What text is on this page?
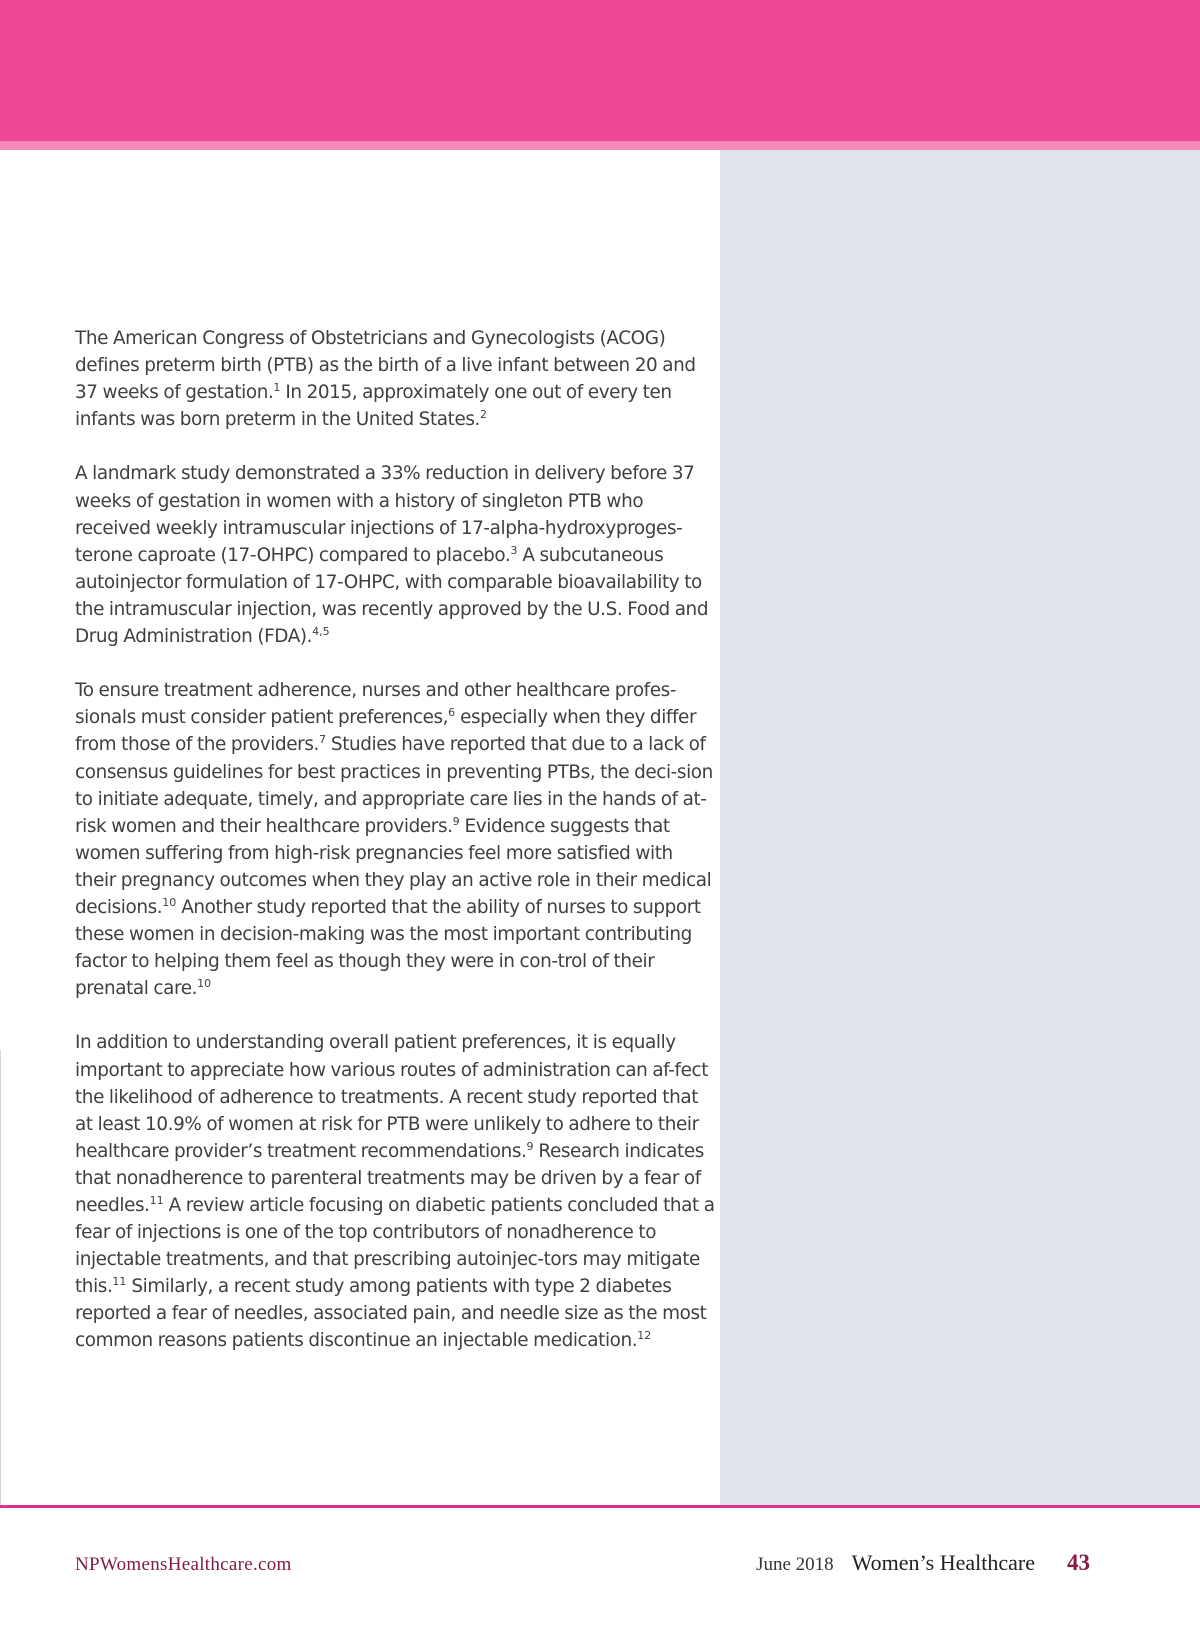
The American Congress of Obstetricians and Gynecologists (ACOG) defines preterm birth (PTB) as the birth of a live infant between 20 and 37 weeks of gestation.$^1$ In 2015, approximately one out of every ten infants was born preterm in the United States.$^2$

A landmark study demonstrated a 33% reduction in delivery before 37 weeks of gestation in women with a history of singleton PTB who received weekly intramuscular injections of 17-alpha-hydroxyproges-terone caproate (17-OHPC) compared to placebo.$^3$ A subcutaneous autoinjector formulation of 17-OHPC, with comparable bioavailability to the intramuscular injection, was recently approved by the U.S. Food and Drug Administration (FDA).$^{4,5}$

To ensure treatment adherence, nurses and other healthcare profes-sionals must consider patient preferences,$^6$ especially when they differ from those of the providers.$^7$ Studies have reported that due to a lack of consensus guidelines for best practices in preventing PTBs, the deci-sion to initiate adequate, timely, and appropriate care lies in the hands of at-risk women and their healthcare providers.$^9$ Evidence suggests that women suffering from high-risk pregnancies feel more satisfied with their pregnancy outcomes when they play an active role in their medical decisions.$^{10}$ Another study reported that the ability of nurses to support these women in decision-making was the most important contributing factor to helping them feel as though they were in con-trol of their prenatal care.$^{10}$

In addition to understanding overall patient preferences, it is equally important to appreciate how various routes of administration can af-fect the likelihood of adherence to treatments. A recent study reported that at least 10.9% of women at risk for PTB were unlikely to adhere to their healthcare provider’s treatment recommendations.$^9$ Research indicates that nonadherence to parenteral treatments may be driven by a fear of needles.$^{11}$ A review article focusing on diabetic patients concluded that a fear of injections is one of the top contributors of nonadherence to injectable treatments, and that prescribing autoinjec-tors may mitigate this.$^{11}$ Similarly, a recent study among patients with type 2 diabetes reported a fear of needles, associated pain, and needle size as the most common reasons patients discontinue an injectable medication.$^{12}$

NPWomensHealthcare.com	June 2018 Women’s Healthcare 43
